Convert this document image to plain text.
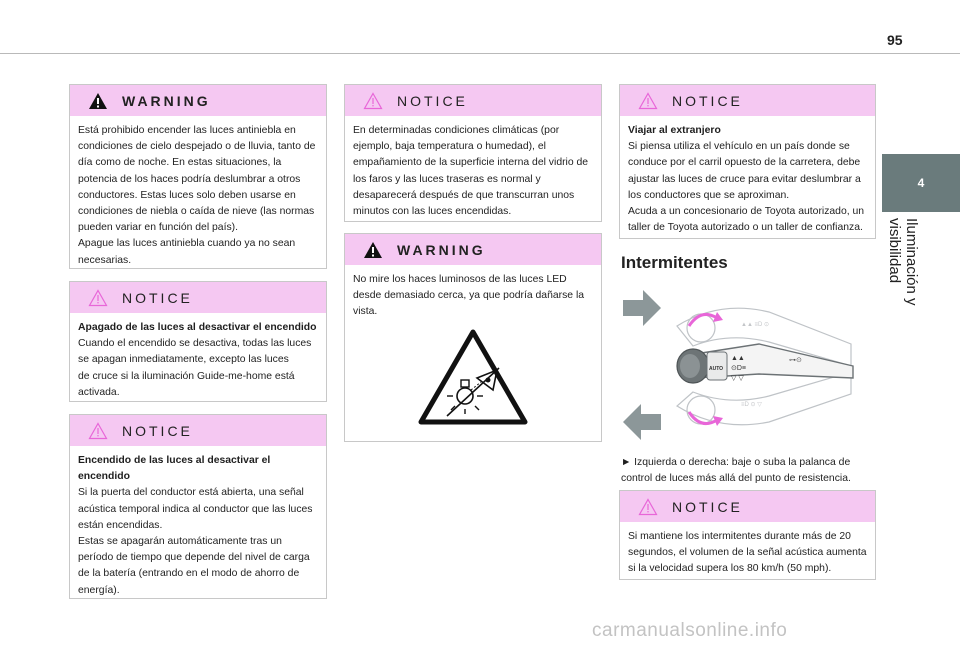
95
4
Iluminación y visibilidad
WARNING

Está prohibido encender las luces antiniebla en

condiciones de cielo despejado o de lluvia, tanto de

día como de noche. En estas situaciones, la

potencia de los haces podría deslumbrar a otros

conductores. Estas luces solo deben usarse en

condiciones de niebla o caída de nieve (las normas

pueden variar en función del país).

Apague las luces antiniebla cuando ya no sean

necesarias.

NOTICE

Apagado de las luces al desactivar el encendido

Cuando el encendido se desactiva, todas las luces

se apagan inmediatamente, excepto las luces

de cruce si la iluminación Guide-me-home está

activada.

NOTICE

Encendido de las luces al desactivar el

encendido

Si la puerta del conductor está abierta, una señal

acústica temporal indica al conductor que las luces

están encendidas.

Estas se apagarán automáticamente tras un

período de tiempo que depende del nivel de carga

de la batería (entrando en el modo de ahorro de

energía).

NOTICE

En determinadas condiciones climáticas (por

ejemplo, baja temperatura o humedad), el

empañamiento de la superficie interna del vidrio de

los faros y las luces traseras es normal y

desaparecerá después de que transcurran unos

minutos con las luces encendidas.

WARNING

No mire los haces luminosos de las luces LED

desde demasiado cerca, ya que podría dañarse la

vista.

NOTICE

Viajar al extranjero

Si piensa utiliza el vehículo en un país donde se

conduce por el carril opuesto de la carretera, debe

ajustar las luces de cruce para evitar deslumbrar a

los conductores que se aproximan.

Acuda a un concesionario de Toyota autorizado, un

taller de Toyota autorizado o un taller de confianza.

Intermitentes
▲▲ ≡D ⊙
≡D ⊙ ▽
AUTO
▲▲
⊙D≡
▽ ▽
⊶⊙

► Izquierda o derecha: baje o suba la palanca de

control de luces más allá del punto de resistencia.

NOTICE

Si mantiene los intermitentes durante más de 20

segundos, el volumen de la señal acústica aumenta

si la velocidad supera los 80 km/h (50 mph).

carmanualsonline.info
